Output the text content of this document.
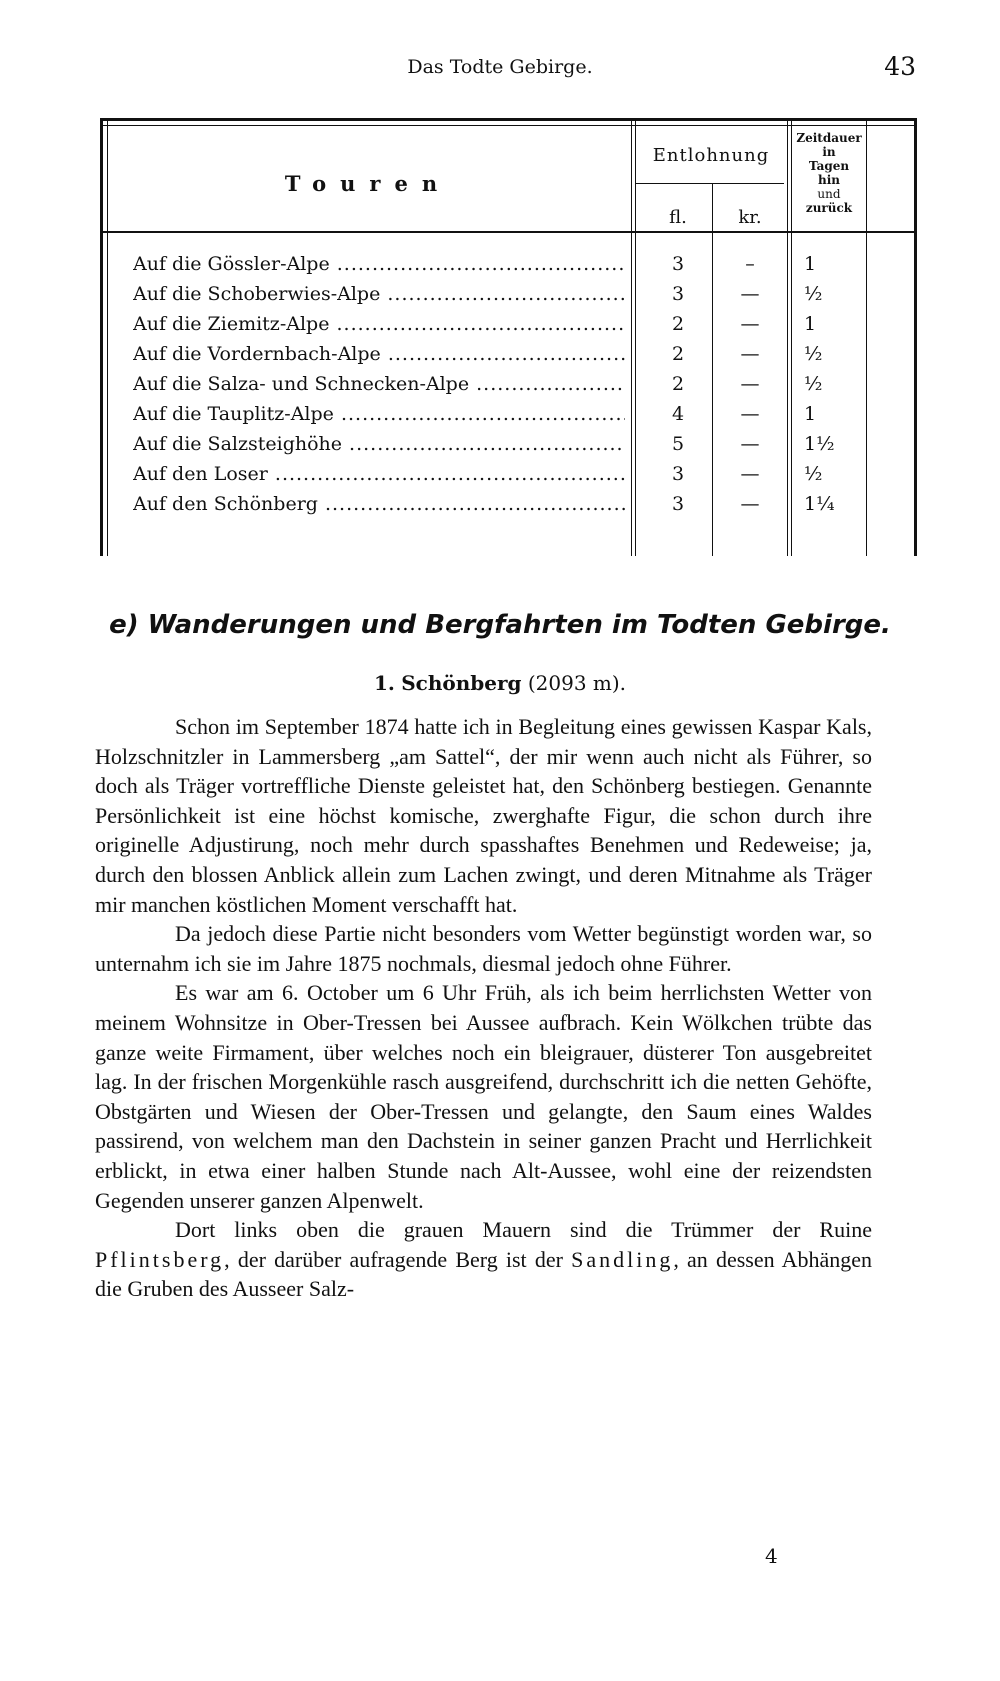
Das Todte Gebirge.	43
Touren
Entlohnung
fl.	kr.
Zeitdauer
in
Tagen
hin
und
zurück
Auf die Gössler-Alpe .....	3	–	1
Auf die Schoberwies-Alpe .....	3	—	½
Auf die Ziemitz-Alpe .....	2	—	1
Auf die Vordernbach-Alpe .....	2	—	½
Auf die Salza- und Schnecken-Alpe .....	2	—	½
Auf die Tauplitz-Alpe .....	4	—	1
Auf die Salzsteighöhe .....	5	—	1½
Auf den Loser .....	3	—	½
Auf den Schönberg .....	3	—	1¼
e) Wanderungen und Bergfahrten im Todten Gebirge.
1. Schönberg (2093 m).

Schon im September 1874 hatte ich in Begleitung eines gewissen Kaspar Kals, Holzschnitzler in Lammersberg „am Sattel“, der mir wenn auch nicht als Führer, so doch als Träger vortreffliche Dienste geleistet hat, den Schönberg bestiegen. Genannte Persönlichkeit ist eine höchst komische, zwerghafte Figur, die schon durch ihre originelle Adjustirung, noch mehr durch spasshaftes Benehmen und Redeweise; ja, durch den blossen Anblick allein zum Lachen zwingt, und deren Mitnahme als Träger mir manchen köstlichen Moment verschafft hat.

Da jedoch diese Partie nicht besonders vom Wetter begünstigt worden war, so unternahm ich sie im Jahre 1875 nochmals, diesmal jedoch ohne Führer.

Es war am 6. October um 6 Uhr Früh, als ich beim herrlichsten Wetter von meinem Wohnsitze in Ober-Tressen bei Aussee aufbrach. Kein Wölkchen trübte das ganze weite Firmament, über welches noch ein bleigrauer, düsterer Ton ausgebreitet lag. In der frischen Morgenkühle rasch ausgreifend, durchschritt ich die netten Gehöfte, Obstgärten und Wiesen der Ober-Tressen und gelangte, den Saum eines Waldes passirend, von welchem man den Dachstein in seiner ganzen Pracht und Herrlichkeit erblickt, in etwa einer halben Stunde nach Alt-Aussee, wohl eine der reizendsten Gegenden unserer ganzen Alpenwelt.

Dort links oben die grauen Mauern sind die Trümmer der Ruine Pflintsberg, der darüber aufragende Berg ist der Sandling, an dessen Abhängen die Gruben des Ausseer Salz-

4
